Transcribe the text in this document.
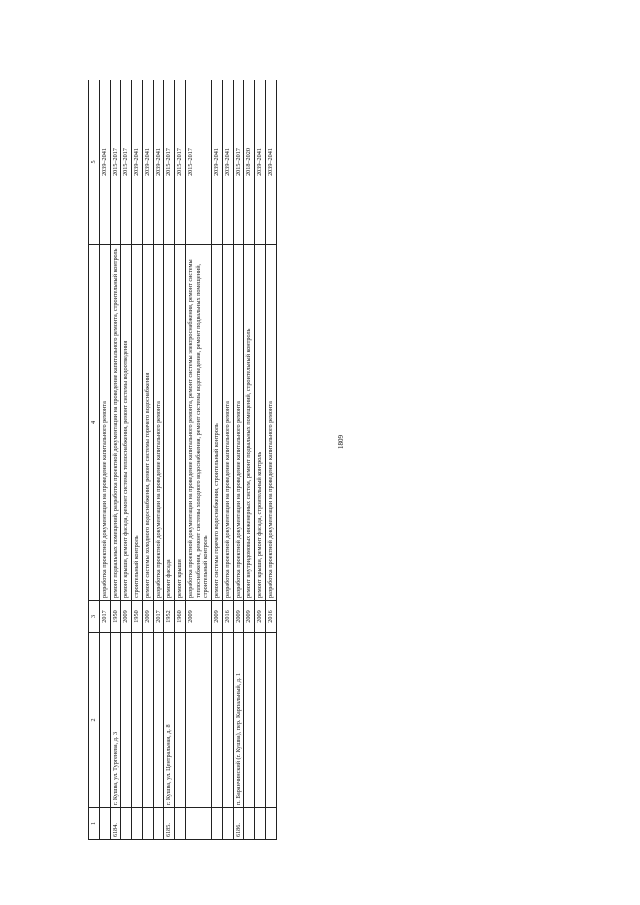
1809
1	2	3	4	5
		2017	разработка проектной документации на проведение капитального ремонта	2039–2041
6184.	г. Кушва, ул. Тургенева, д. 3	1950	ремонт подвальных помещений, разработка проектной документации на проведение капитального ремонта, строительный контроль	2015–2017
		2009	ремонт крыши, ремонт фасада, ремонт системы теплоснабжения, ремонт системы водоотведения	2015–2017
		1950	строительный контроль	2039–2041
		2009	ремонт системы холодного водоснабжения, ремонт системы горячего водоснабжения	2039–2041
		2017	разработка проектной документации на проведение капитального ремонта	2039–2041
6185.	г. Кушва, ул. Центральная, д. 8	1952	ремонт фасада	2015–2017
		1960	ремонт крыши	2015–2017
		2009	разработка проектной документации на проведение капитального ремонта, ремонт системы электроснабжения, ремонт системы теплоснабжения, ремонт системы холодного водоснабжения, ремонт системы водоотведения, ремонт подвальных помещений, строительный контроль	2015–2017
		2009	ремонт системы горячего водоснабжения, строительный контроль	2039–2041
		2016	разработка проектной документации на проведение капитального ремонта	2039–2041
6186.	п. Баранчинский (г. Кушва), пер. Карпальный, д. 1	2009	разработка проектной документации на проведение капитального ремонта	2015–2017
		2009	ремонт внутридомовых инженерных систем, ремонт подвальных помещений, строительный контроль	2018–2020
		2009	ремонт крыши, ремонт фасада, строительный контроль	2039–2041
		2016	разработка проектной документации на проведение капитального ремонта	2039–2041
